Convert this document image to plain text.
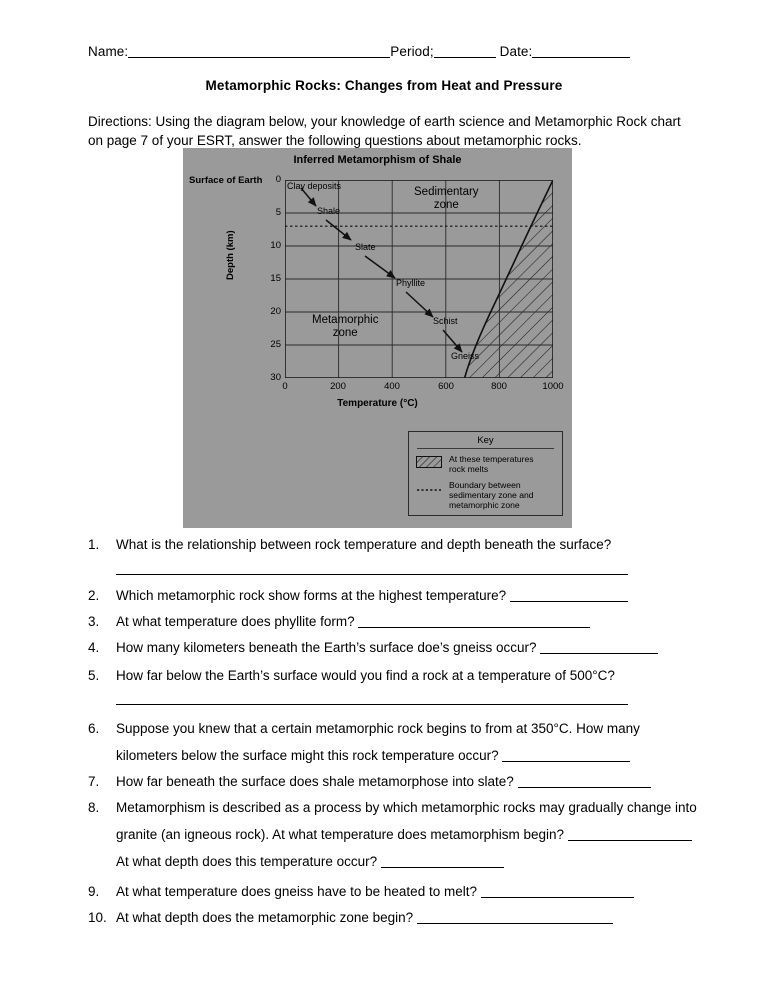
Name:	Period;	Date:
Metamorphic Rocks: Changes from Heat and Pressure
Directions: Using the diagram below, your knowledge of earth science and Metamorphic Rock chart on page 7 of your ESRT, answer the following questions about metamorphic rocks.
Inferred Metamorphism of Shale
Surface of Earth
Depth (km)
Temperature (°C)
0
5
10
15
20
25
30
0	200	400	600	800	1000
Clay deposits
Shale
Slate
Phyllite
Schist
Gneiss
Sedimentary
zone
Metamorphic
zone
Key
At these temperatures
rock melts
Boundary between
sedimentary zone and
metamorphic zone
1. What is the relationship between rock temperature and depth beneath the surface?
2. Which metamorphic rock show forms at the highest temperature?
3. At what temperature does phyllite form?
4. How many kilometers beneath the Earth’s surface doe’s gneiss occur?
5. How far below the Earth’s surface would you find a rock at a temperature of 500°C?
6. Suppose you knew that a certain metamorphic rock begins to from at 350°C. How many
kilometers below the surface might this rock temperature occur?
7. How far beneath the surface does shale metamorphose into slate?
8. Metamorphism is described as a process by which metamorphic rocks may gradually change into
granite (an igneous rock). At what temperature does metamorphism begin?
At what depth does this temperature occur?
9. At what temperature does gneiss have to be heated to melt?
10. At what depth does the metamorphic zone begin?
